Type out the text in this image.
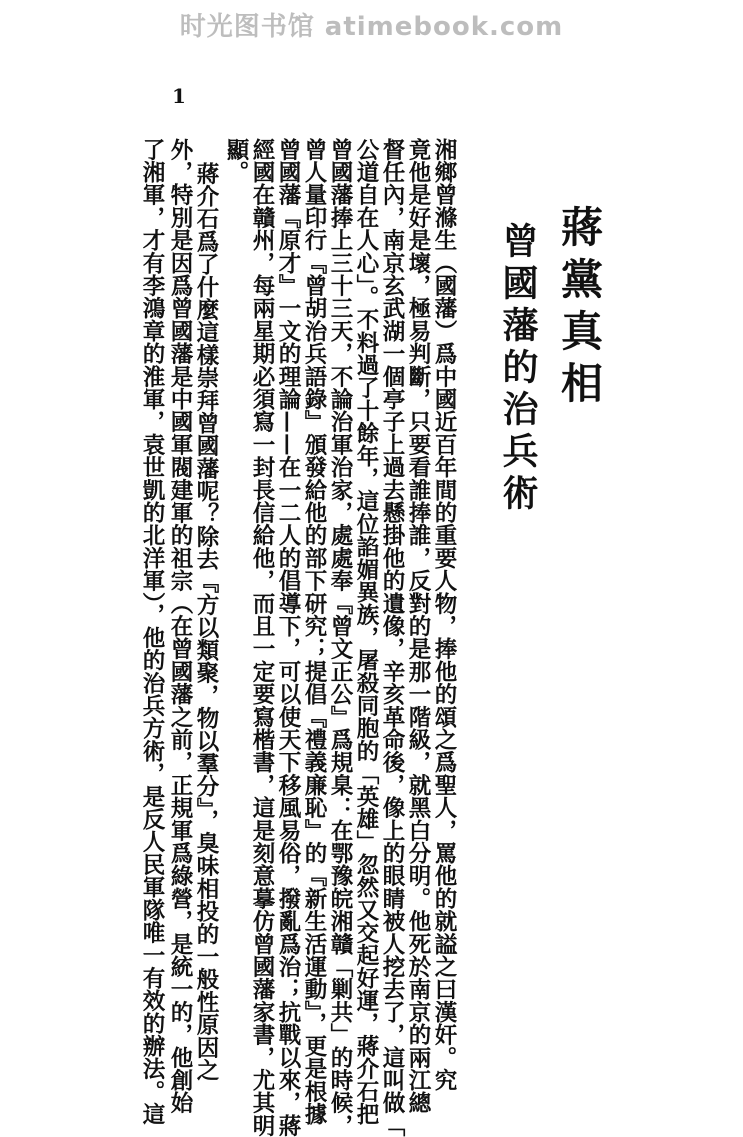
时光图书馆 atimebook.com
1
蔣黨真相
曾國藩的治兵術
湘鄉曾滌生（國藩）爲中國近百年間的重要人物，捧他的頌之爲聖人，罵他的就謚之曰漢奸。究
竟他是好是壞，極易判斷，只要看誰捧誰，反對的是那一階級，就黑白分明。他死於南京的兩江總
督任內，南京玄武湖一個亭子上過去懸掛他的遺像，辛亥革命後，像上的眼睛被人挖去了，這叫做「
公道自在人心」。不料過了十餘年，這位諂媚異族，屠殺同胞的「英雄」忽然又交起好運，蔣介石把
曾國藩捧上三十三天，不論治軍治家，處處奉『曾文正公』爲規臬：在鄂豫皖湘贛「剿共」的時候，
曾人量印行『曾胡治兵語錄』頒發給他的部下研究；提倡『禮義廉恥』的『新生活運動』，更是根據
曾國藩『原才』一文的理論——在一二人的倡導下，可以使天下移風易俗，撥亂爲治；抗戰以來，蔣
經國在贛州，每兩星期必須寫一封長信給他，而且一定要寫楷書，這是刻意摹仿曾國藩家書，尤其明
顯。
蔣介石爲了什麼這樣崇拜曾國藩呢？除去『方以類聚，物以羣分』，臭味相投的一般性原因之
外，特別是因爲曾國藩是中國軍閥建軍的祖宗（在曾國藩之前，正規軍爲綠營，是統一的，他創始
了湘軍，才有李鴻章的淮軍，袁世凱的北洋軍），他的治兵方術，是反人民軍隊唯一有效的辦法。這
